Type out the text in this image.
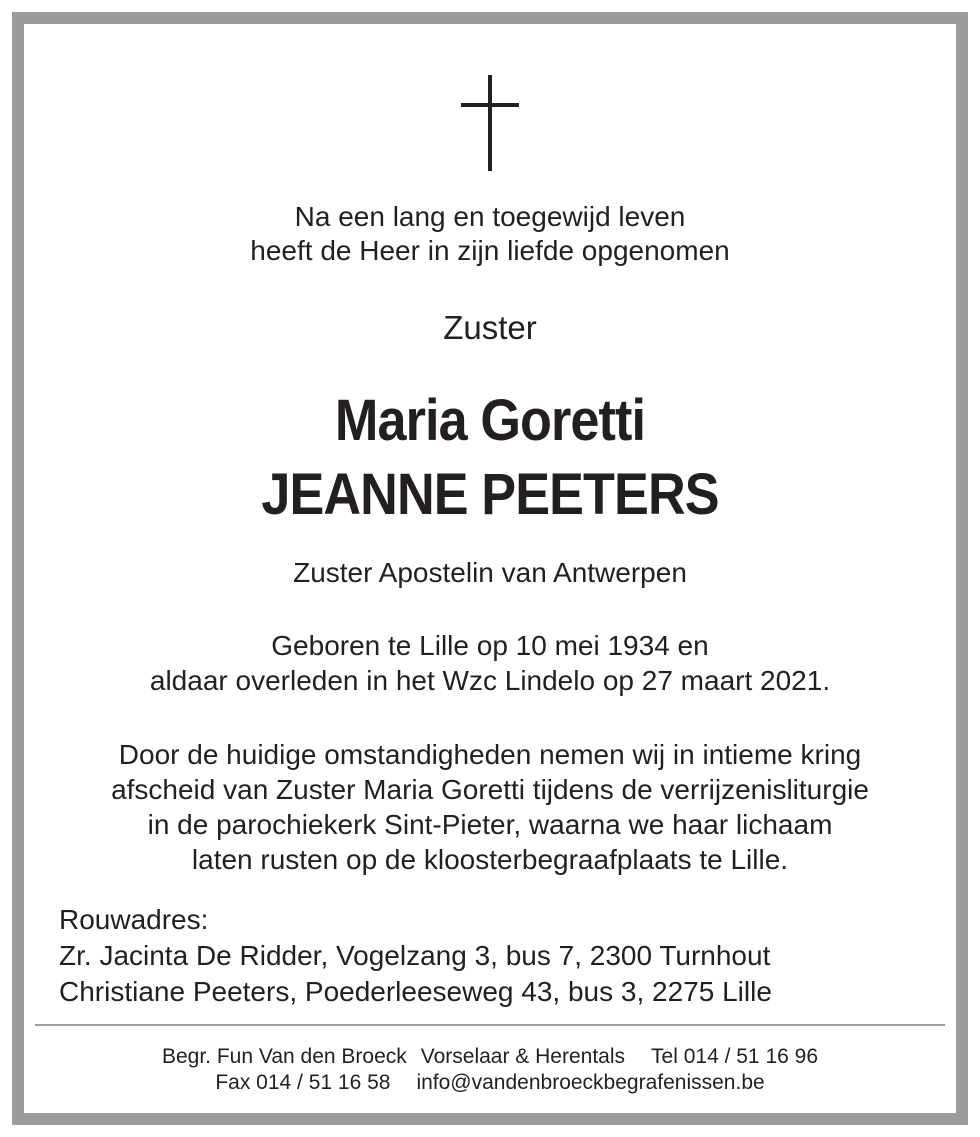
Na een lang en toegewijd leven
heeft de Heer in zijn liefde opgenomen
Zuster
Maria Goretti
JEANNE PEETERS
Zuster Apostelin van Antwerpen
Geboren te Lille op 10 mei 1934 en
aldaar overleden in het Wzc Lindelo op 27 maart 2021.
Door de huidige omstandigheden nemen wij in intieme kring
afscheid van Zuster Maria Goretti tijdens de verrijzenisliturgie
in de parochiekerk Sint-Pieter, waarna we haar lichaam
laten rusten op de kloosterbegraafplaats te Lille.
Rouwadres:
Zr. Jacinta De Ridder, Vogelzang 3, bus 7, 2300 Turnhout
Christiane Peeters, Poederleeseweg 43, bus 3, 2275 Lille
Begr. Fun Van den Broeck Vorselaar & Herentals Tel 014 / 51 16 96
Fax 014 / 51 16 58 info@vandenbroeckbegrafenissen.be
